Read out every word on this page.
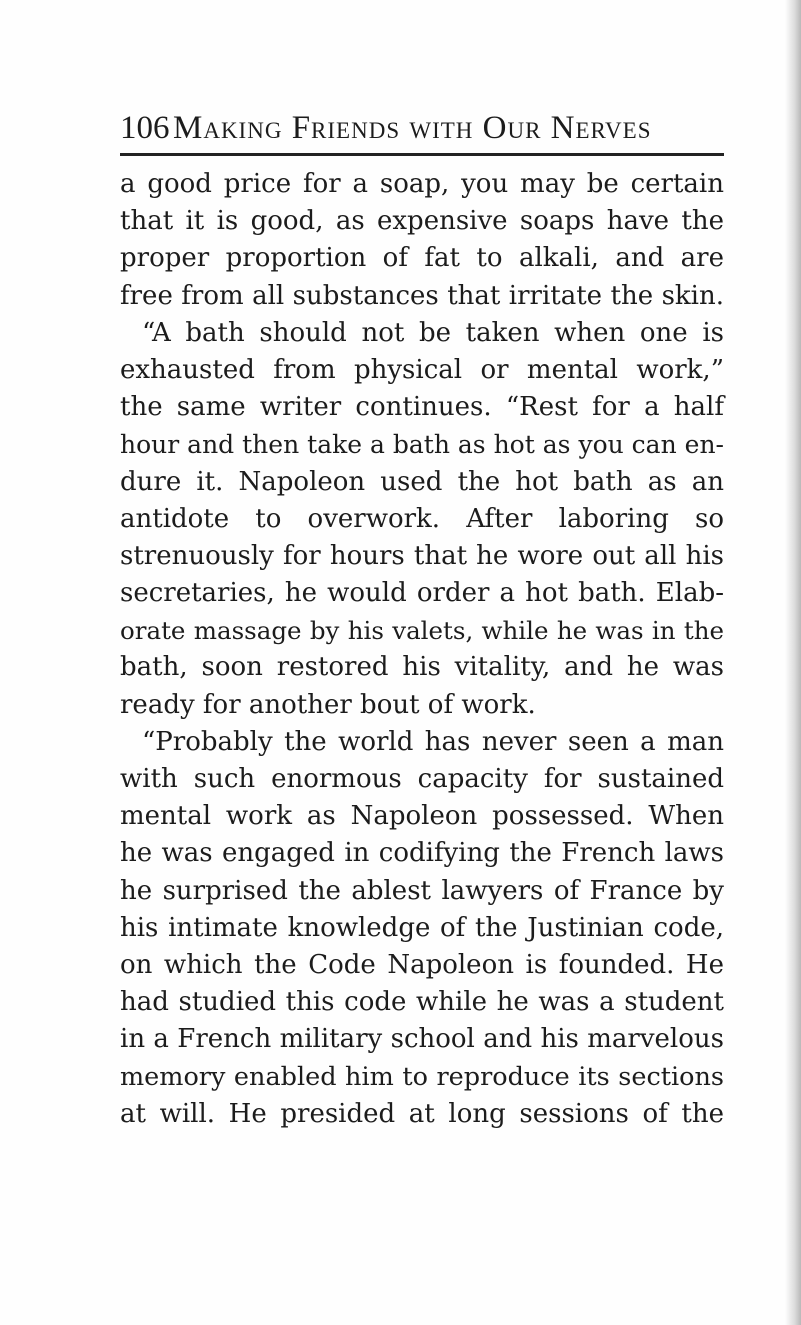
106 Making Friends with Our Nerves
a good price for a soap, you may be certain
that it is good, as expensive soaps have the
proper proportion of fat to alkali, and are
free from all substances that irritate the skin.
“A bath should not be taken when one is
exhausted from physical or mental work,”
the same writer continues. “Rest for a half
hour and then take a bath as hot as you can en-
dure it. Napoleon used the hot bath as an
antidote to overwork. After laboring so
strenuously for hours that he wore out all his
secretaries, he would order a hot bath. Elab-
orate massage by his valets, while he was in the
bath, soon restored his vitality, and he was
ready for another bout of work.
“Probably the world has never seen a man
with such enormous capacity for sustained
mental work as Napoleon possessed. When
he was engaged in codifying the French laws
he surprised the ablest lawyers of France by
his intimate knowledge of the Justinian code,
on which the Code Napoleon is founded. He
had studied this code while he was a student
in a French military school and his marvelous
memory enabled him to reproduce its sections
at will. He presided at long sessions of the
